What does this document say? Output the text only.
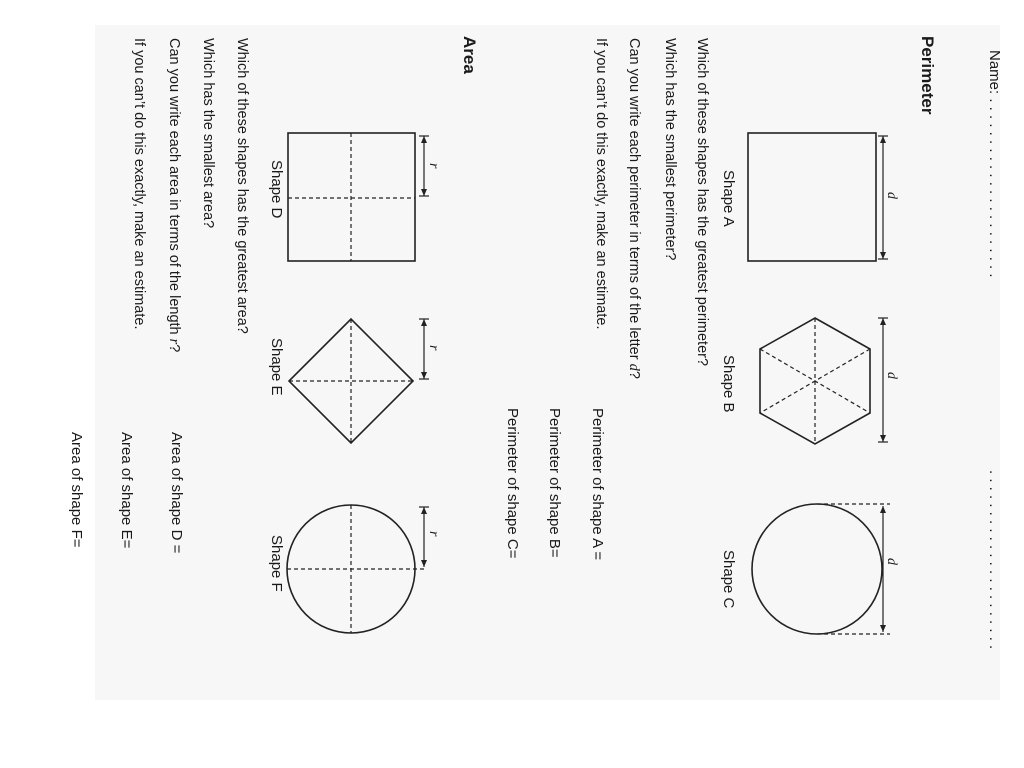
Name: . . . . . . . . . . . . . . . . . . . . . .
. . . . . . . . . . . . . . . . . . . . . .
Perimeter
d
Shape A
d
Shape B
d
Shape C
Which of these shapes has the greatest perimeter?
Which has the smallest perimeter?
Can you write each perimeter in terms of the letter d?
If you can’t do this exactly, make an estimate.
Perimeter of shape A =
Perimeter of shape B=
Perimeter of shape C=
Area
r
Shape D
r
Shape E
r
Shape F
Which of these shapes has the greatest area?
Which has the smallest area?
Can you write each area in terms of the length r?
If you can’t do this exactly, make an estimate.
Area of shape D =
Area of shape E=
Area of shape F=
